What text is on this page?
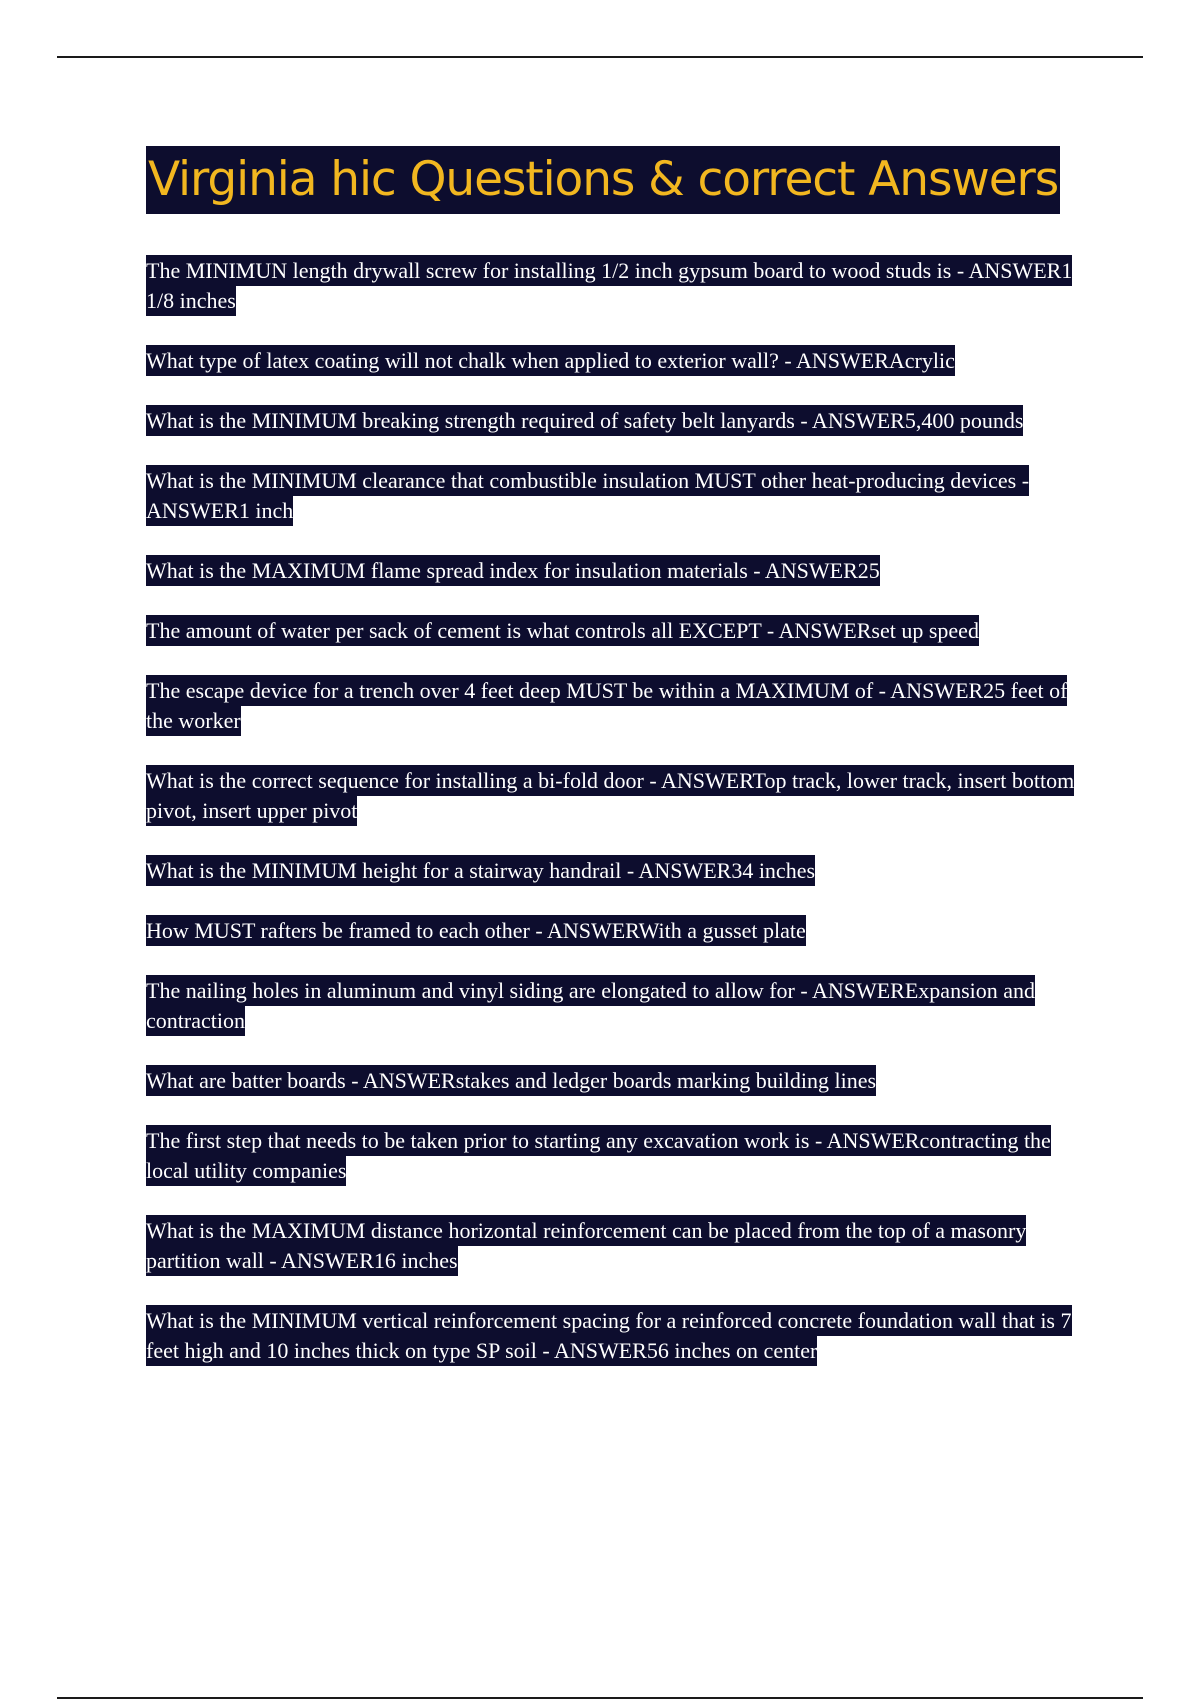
Virginia hic Questions & correct Answers
The MINIMUN length drywall screw for installing 1/2 inch gypsum board to wood studs is - ANSWER1 1/8 inches
What type of latex coating will not chalk when applied to exterior wall? - ANSWERAcrylic
What is the MINIMUM breaking strength required of safety belt lanyards - ANSWER5,400 pounds
What is the MINIMUM clearance that combustible insulation MUST other heat-producing devices - ANSWER1 inch
What is the MAXIMUM flame spread index for insulation materials - ANSWER25
The amount of water per sack of cement is what controls all EXCEPT - ANSWERset up speed
The escape device for a trench over 4 feet deep MUST be within a MAXIMUM of - ANSWER25 feet of the worker
What is the correct sequence for installing a bi-fold door - ANSWERTop track, lower track, insert bottom pivot, insert upper pivot
What is the MINIMUM height for a stairway handrail - ANSWER34 inches
How MUST rafters be framed to each other - ANSWERWith a gusset plate
The nailing holes in aluminum and vinyl siding are elongated to allow for - ANSWERExpansion and contraction
What are batter boards - ANSWERstakes and ledger boards marking building lines
The first step that needs to be taken prior to starting any excavation work is - ANSWERcontracting the local utility companies
What is the MAXIMUM distance horizontal reinforcement can be placed from the top of a masonry partition wall - ANSWER16 inches
What is the MINIMUM vertical reinforcement spacing for a reinforced concrete foundation wall that is 7 feet high and 10 inches thick on type SP soil - ANSWER56 inches on center
